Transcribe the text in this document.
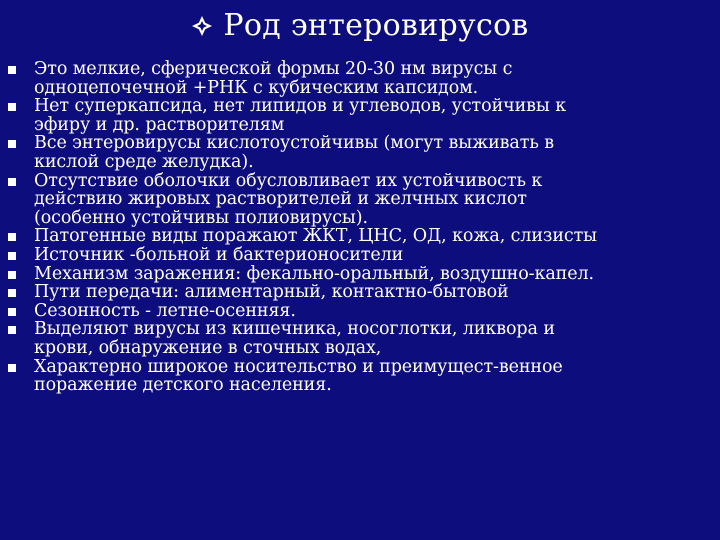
Род энтеровирусов
Это мелкие, сферической формы 20-30 нм вирусы с
одноцепочечной +РНК с кубическим капсидом.
Нет суперкапсида, нет липидов и углеводов, устойчивы к
эфиру и др. растворителям
Все энтеровирусы кислотоустойчивы (могут выживать в
кислой среде желудка).
Отсутствие оболочки обусловливает их устойчивость к
действию жировых растворителей и желчных кислот
(особенно устойчивы полиовирусы).
Патогенные виды поражают ЖКТ, ЦНС, ОД, кожа, слизисты
Источник -больной и бактерионосители
Механизм заражения: фекально-оральный, воздушно-капел.
Пути передачи: алиментарный, контактно-бытовой
Сезонность - летне-осенняя.
Выделяют вирусы из кишечника, носоглотки, ликвора и
крови, обнаружение в сточных водах,
Характерно широкое носительство и преимущест-венное
поражение детского населения.
